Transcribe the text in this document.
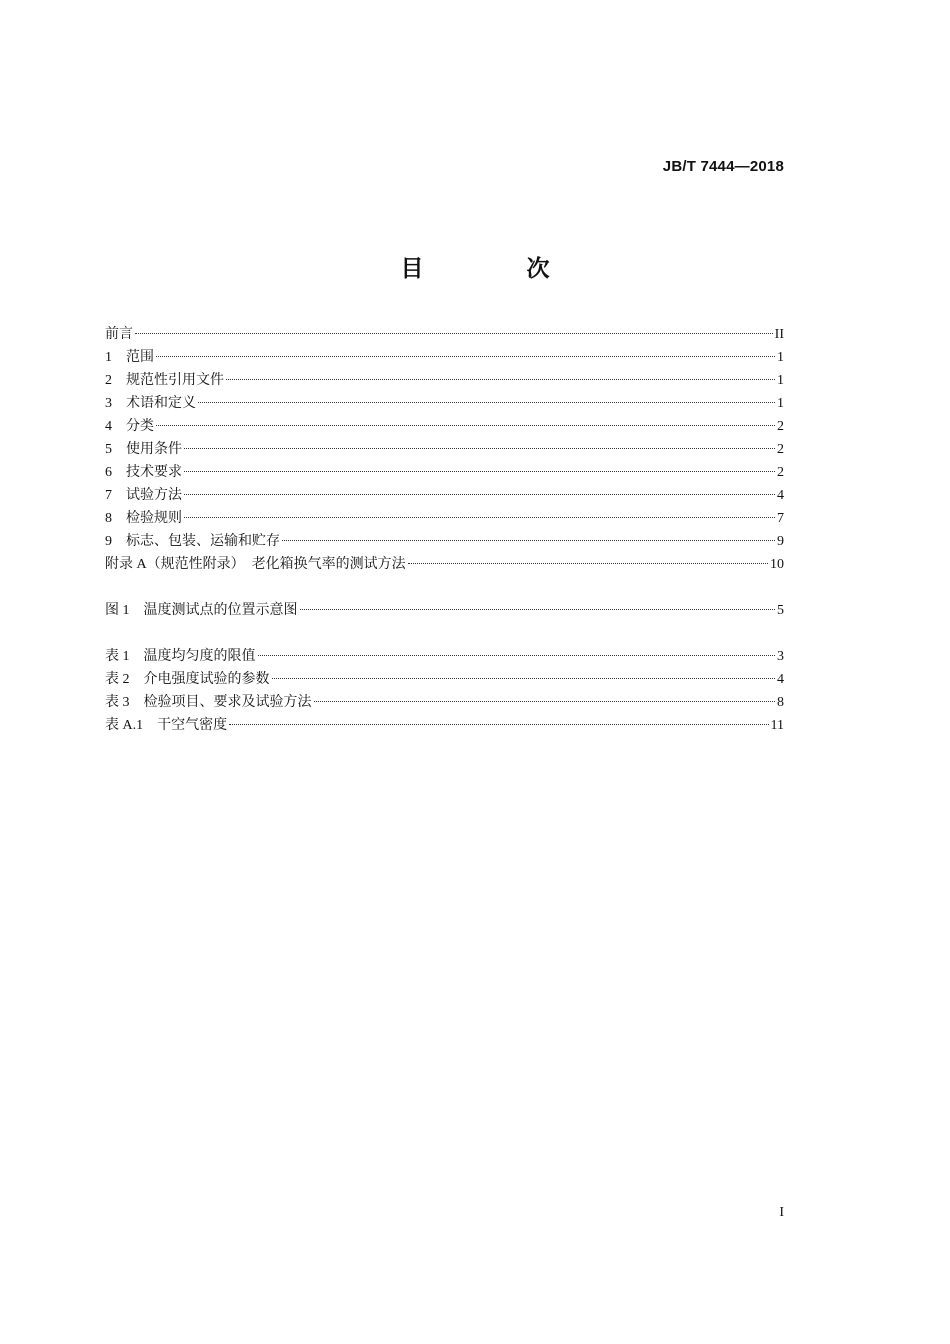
JB/T 7444—2018
目　次
前言	II
1　范围	1
2　规范性引用文件	1
3　术语和定义	1
4　分类	2
5　使用条件	2
6　技术要求	2
7　试验方法	4
8　检验规则	7
9　标志、包装、运输和贮存	9
附录 A（规范性附录）　老化箱换气率的测试方法	10
图 1　温度测试点的位置示意图	5
表 1　温度均匀度的限值	3
表 2　介电强度试验的参数	4
表 3　检验项目、要求及试验方法	8
表 A.1　干空气密度	11
I
